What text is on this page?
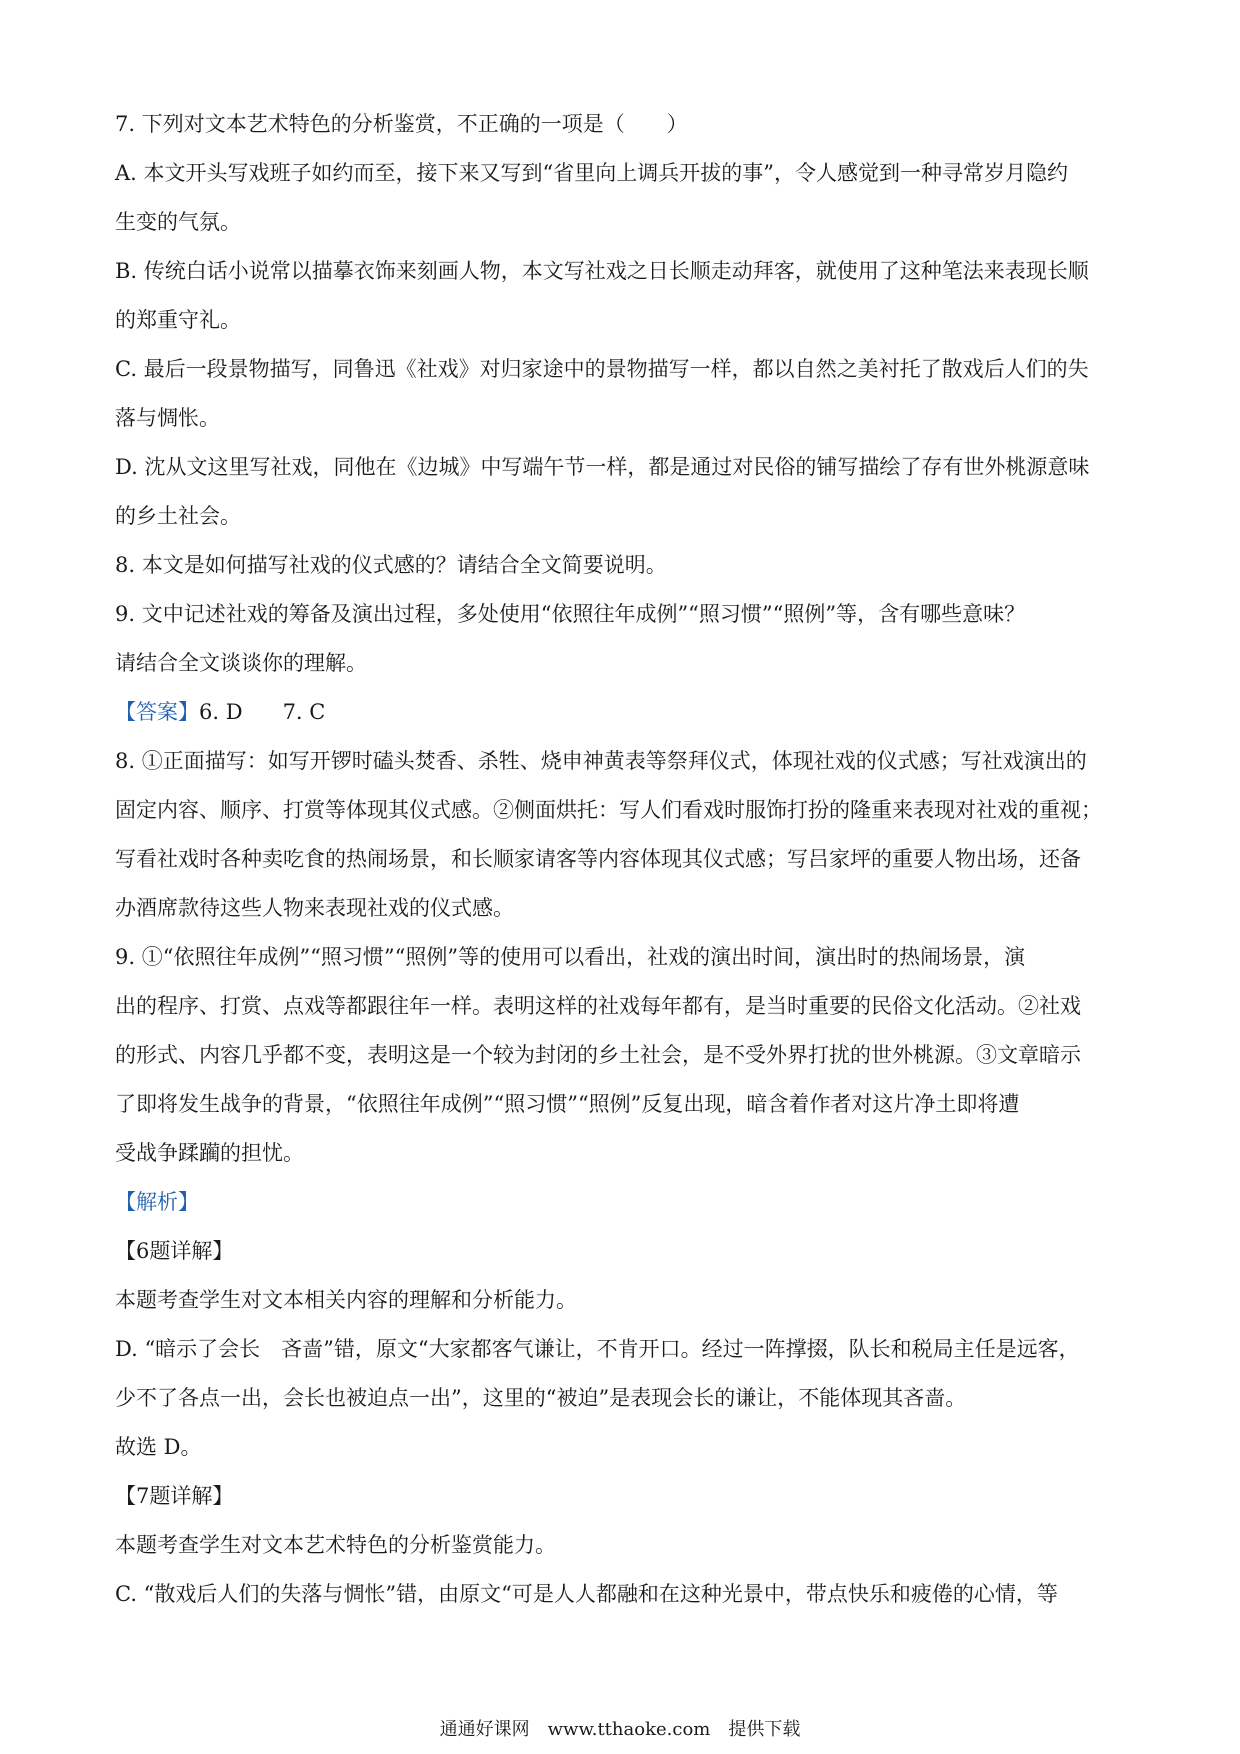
7. 下列对文本艺术特色的分析鉴赏，不正确的一项是（　　）

A. 本文开头写戏班子如约而至，接下来又写到“省里向上调兵开拔的事”，令人感觉到一种寻常岁月隐约

生变的气氛。

B. 传统白话小说常以描摹衣饰来刻画人物，本文写社戏之日长顺走动拜客，就使用了这种笔法来表现长顺

的郑重守礼。

C. 最后一段景物描写，同鲁迅《社戏》对归家途中的景物描写一样，都以自然之美衬托了散戏后人们的失

落与惆怅。

D. 沈从文这里写社戏，同他在《边城》中写端午节一样，都是通过对民俗的铺写描绘了存有世外桃源意味

的乡土社会。

8. 本文是如何描写社戏的仪式感的？请结合全文简要说明。

9. 文中记述社戏的筹备及演出过程，多处使用“依照往年成例”“照习惯”“照例”等，含有哪些意味？

请结合全文谈谈你的理解。

【答案】6. D 7. C

8. ①正面描写：如写开锣时磕头焚香、杀牲、烧申神黄表等祭拜仪式，体现社戏的仪式感；写社戏演出的

固定内容、顺序、打赏等体现其仪式感。②侧面烘托：写人们看戏时服饰打扮的隆重来表现对社戏的重视；

写看社戏时各种卖吃食的热闹场景，和长顺家请客等内容体现其仪式感；写吕家坪的重要人物出场，还备

办酒席款待这些人物来表现社戏的仪式感。

9. ①“依照往年成例”“照习惯”“照例”等的使用可以看出，社戏的演出时间，演出时的热闹场景，演

出的程序、打赏、点戏等都跟往年一样。表明这样的社戏每年都有，是当时重要的民俗文化活动。②社戏

的形式、内容几乎都不变，表明这是一个较为封闭的乡土社会，是不受外界打扰的世外桃源。③文章暗示

了即将发生战争的背景，“依照往年成例”“照习惯”“照例”反复出现，暗含着作者对这片净土即将遭

受战争蹂躏的担忧。

【解析】

【6题详解】

本题考查学生对文本相关内容的理解和分析能力。

D. “暗示了会长　吝啬”错，原文“大家都客气谦让，不肯开口。经过一阵撑掇，队长和税局主任是远客，

少不了各点一出，会长也被迫点一出”，这里的“被迫”是表现会长的谦让，不能体现其吝啬。

故选 D。

【7题详解】

本题考查学生对文本艺术特色的分析鉴赏能力。

C. “散戏后人们的失落与惆怅”错，由原文“可是人人都融和在这种光景中，带点快乐和疲倦的心情，等

通通好课网　www.tthaoke.com　提供下载
